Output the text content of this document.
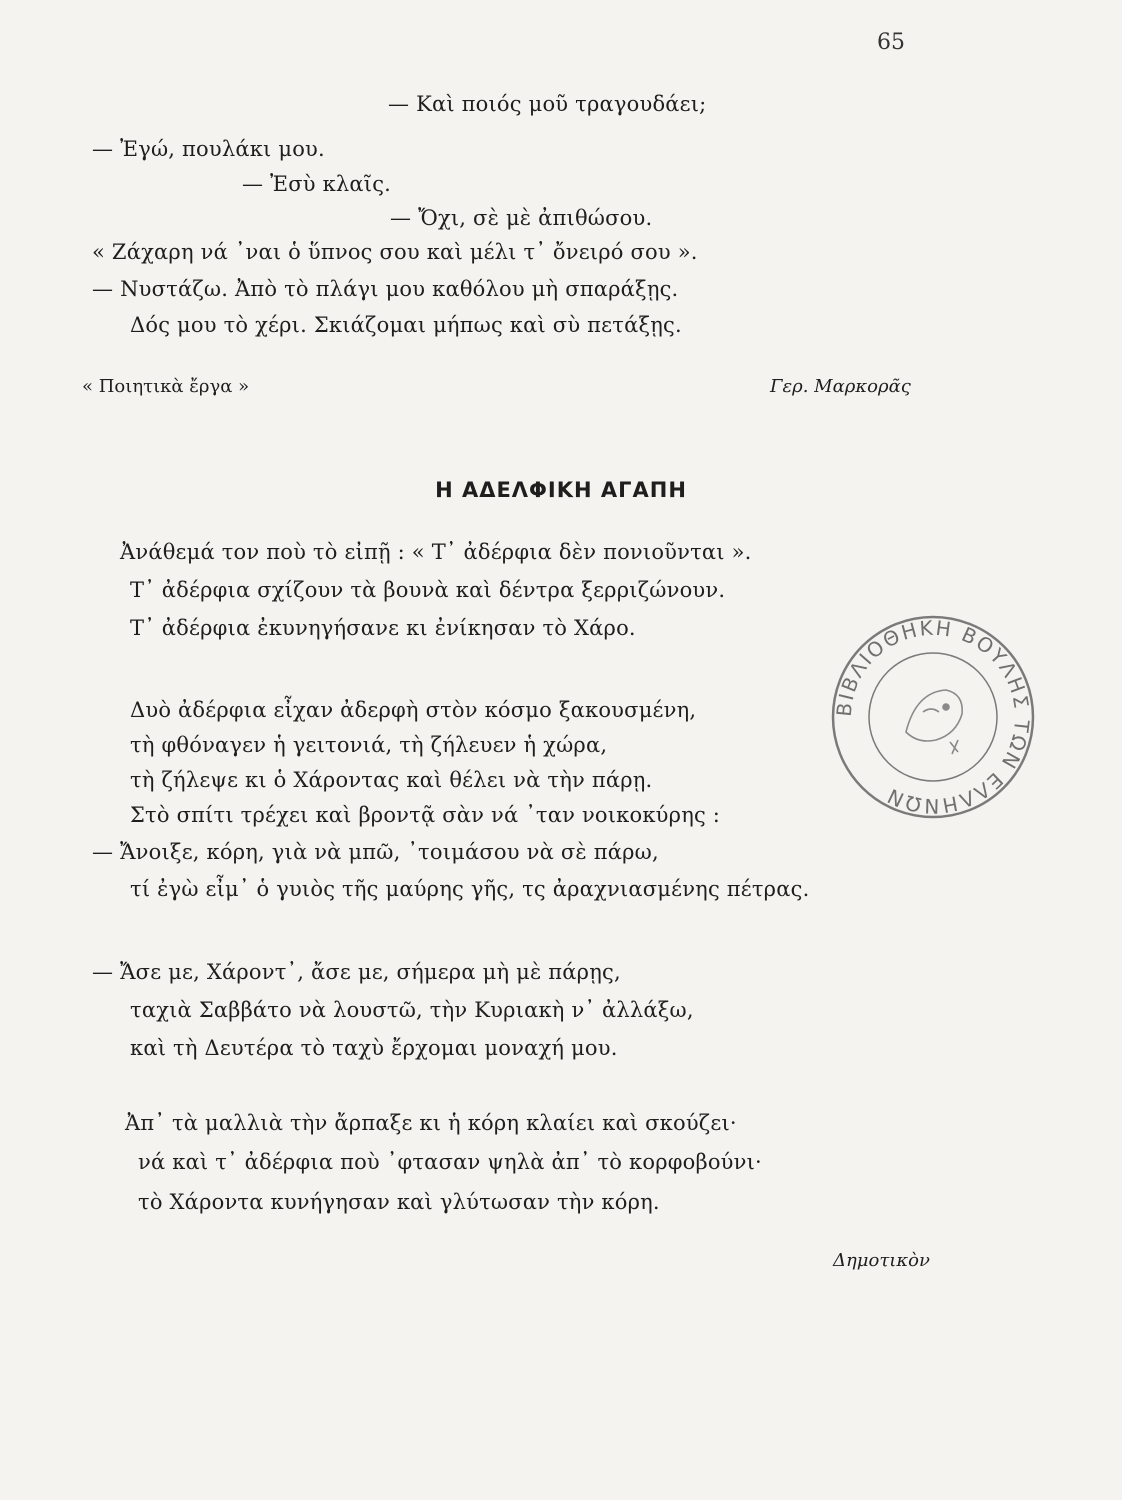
65
— Καὶ ποιός μοῦ τραγουδάει;
— Ἐγώ, πουλάκι μου.
— Ἐσὺ κλαῖς.
— Ὄχι, σὲ μὲ ἀπιθώσου.
« Ζάχαρη νά ᾿ναι ὁ ὕπνος σου καὶ μέλι τ᾿ ὄνειρό σου ».
— Νυστάζω. Ἀπὸ τὸ πλάγι μου καθόλου μὴ σπαράξῃς.
Δός μου τὸ χέρι. Σκιάζομαι μήπως καὶ σὺ πετάξῃς.
« Ποιητικὰ ἔργα »	Γερ. Μαρκορᾶς
Η ΑΔΕΛΦΙΚΗ ΑΓΑΠΗ
Ἀνάθεμά τον ποὺ τὸ εἰπῇ : « Τ᾿ ἀδέρφια δὲν πονιοῦνται ».
Τ᾿ ἀδέρφια σχίζουν τὰ βουνὰ καὶ δέντρα ξερριζώνουν.
Τ᾿ ἀδέρφια ἐκυνηγήσανε κι ἐνίκησαν τὸ Χάρο.
Δυὸ ἀδέρφια εἶχαν ἀδερφὴ στὸν κόσμο ξακουσμένη,
τὴ φθόναγεν ἡ γειτονιά, τὴ ζήλευεν ἡ χώρα,
τὴ ζήλεψε κι ὁ Χάροντας καὶ θέλει νὰ τὴν πάρῃ.
Στὸ σπίτι τρέχει καὶ βροντᾷ σὰν νά ᾿ταν νοικοκύρης :
— Ἄνοιξε, κόρη, γιὰ νὰ μπῶ, ᾿τοιμάσου νὰ σὲ πάρω,
τί ἐγὼ εἶμ᾿ ὁ γυιὸς τῆς μαύρης γῆς, τς ἀραχνιασμένης πέτρας.
— Ἄσε με, Χάροντ᾿, ἄσε με, σήμερα μὴ μὲ πάρῃς,
ταχιὰ Σαββάτο νὰ λουστῶ, τὴν Κυριακὴ ν᾿ ἀλλάξω,
καὶ τὴ Δευτέρα τὸ ταχὺ ἔρχομαι μοναχή μου.
Ἀπ᾿ τὰ μαλλιὰ τὴν ἄρπαξε κι ἡ κόρη κλαίει καὶ σκούζει·
νά καὶ τ᾿ ἀδέρφια ποὺ ᾿φτασαν ψηλὰ ἀπ᾿ τὸ κορφοβούνι·
τὸ Χάροντα κυνήγησαν καὶ γλύτωσαν τὴν κόρη.
Δημοτικὸν
ΒΙΒΛΙΟΘΗΚΗ ΒΟΥΛΗΣ ΤΩΝ ΕΛΛΗΝΩΝ
